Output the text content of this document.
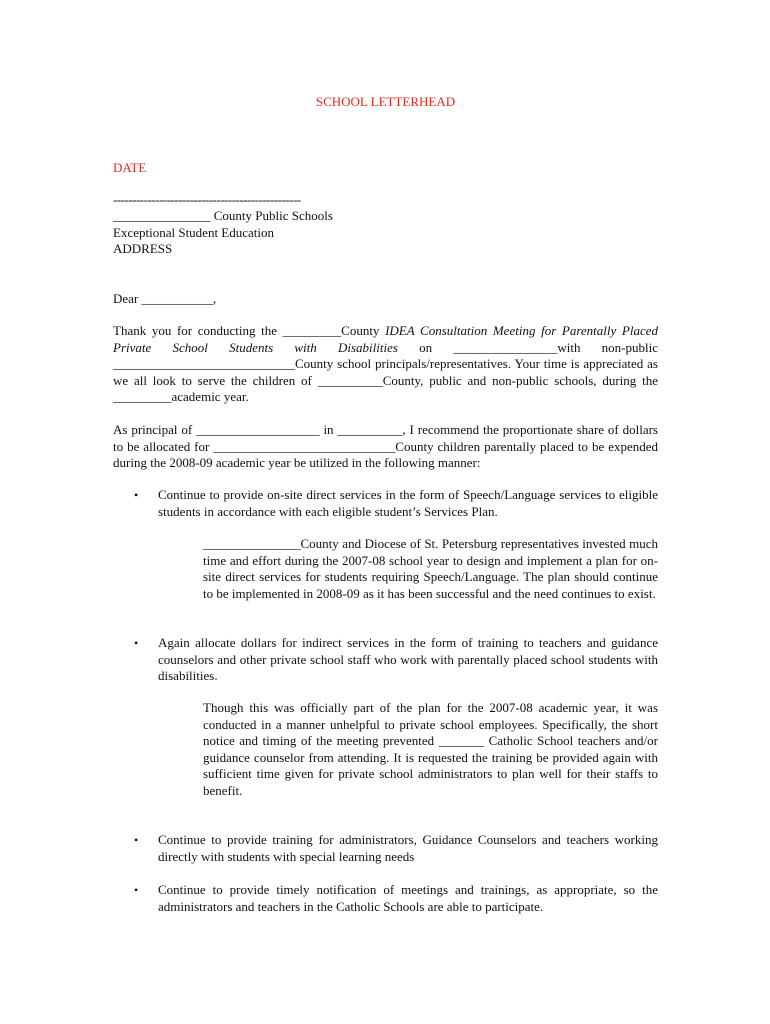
SCHOOL LETTERHEAD
DATE
-------------------------------------------------
_______________ County Public Schools
Exceptional Student Education
ADDRESS
Dear ___________,
Thank you for conducting the _________County IDEA Consultation Meeting for Parentally Placed Private School Students with Disabilities on ________________with non-public ____________________________County school principals/representatives. Your time is appreciated as we all look to serve the children of __________County, public and non-public schools, during the _________academic year.
As principal of ___________________ in __________, I recommend the proportionate share of dollars to be allocated for ____________________________County children parentally placed to be expended during the 2008-09 academic year be utilized in the following manner:
• Continue to provide on-site direct services in the form of Speech/Language services to eligible students in accordance with each eligible student’s Services Plan.
_______________County and Diocese of St. Petersburg representatives invested much time and effort during the 2007-08 school year to design and implement a plan for on-site direct services for students requiring Speech/Language. The plan should continue to be implemented in 2008-09 as it has been successful and the need continues to exist.
• Again allocate dollars for indirect services in the form of training to teachers and guidance counselors and other private school staff who work with parentally placed school students with disabilities.
Though this was officially part of the plan for the 2007-08 academic year, it was conducted in a manner unhelpful to private school employees. Specifically, the short notice and timing of the meeting prevented _______ Catholic School teachers and/or guidance counselor from attending. It is requested the training be provided again with sufficient time given for private school administrators to plan well for their staffs to benefit.
• Continue to provide training for administrators, Guidance Counselors and teachers working directly with students with special learning needs
• Continue to provide timely notification of meetings and trainings, as appropriate, so the administrators and teachers in the Catholic Schools are able to participate.
